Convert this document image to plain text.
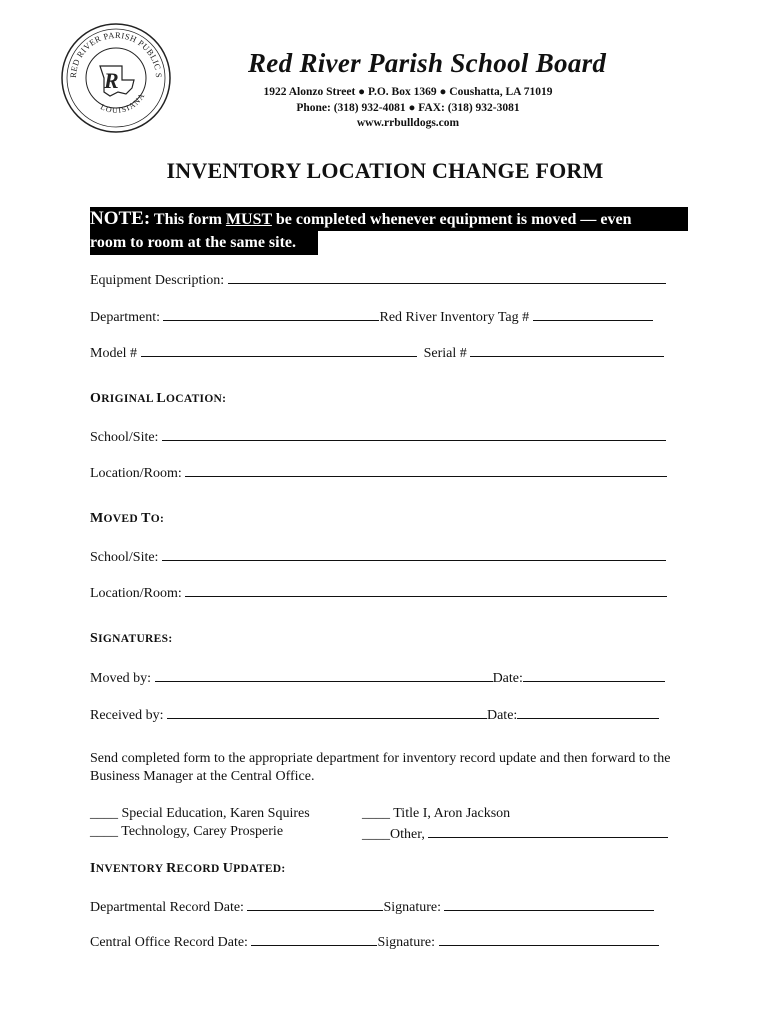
RED RIVER PARISH PUBLIC S
LOUISIANA
R
Red River Parish School Board
1922 Alonzo Street ● P.O. Box 1369 ● Coushatta, LA 71019
Phone: (318) 932-4081 ● FAX: (318) 932-3081
www.rrbulldogs.com
INVENTORY LOCATION CHANGE FORM
NOTE: This form MUST be completed whenever equipment is moved — even
room to room at the same site.
Equipment Description:
Department:	Red River Inventory Tag #
Model #	Serial #
ORIGINAL LOCATION:
School/Site:
Location/Room:
MOVED TO:
School/Site:
Location/Room:
SIGNATURES:
Moved by:	Date:
Received by:	Date:
Send completed form to the appropriate department for inventory record update and then forward to the Business Manager at the Central Office.
____ Special Education, Karen Squires
____ Technology, Carey Prosperie
____ Title I, Aron Jackson
____Other,
INVENTORY RECORD UPDATED:
Departmental Record Date:	Signature:
Central Office Record Date:	Signature:
